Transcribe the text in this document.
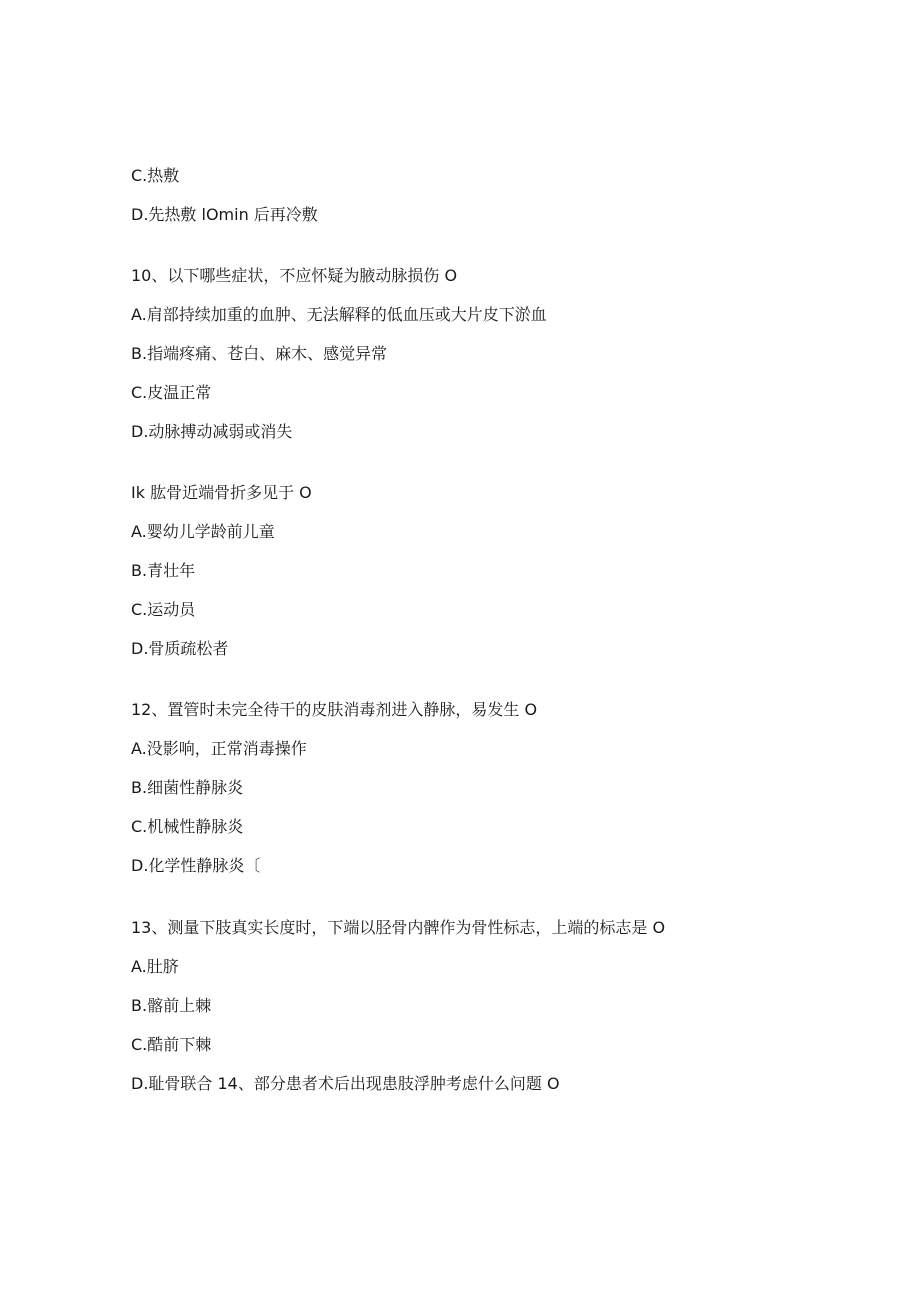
C.热敷
D.先热敷 lOmin 后再冷敷
10、以下哪些症状，不应怀疑为腋动脉损伤 O
A.肩部持续加重的血肿、无法解释的低血压或大片皮下淤血
B.指端疼痛、苍白、麻木、感觉异常
C.皮温正常
D.动脉搏动减弱或消失
Ik 肱骨近端骨折多见于 O
A.婴幼儿学龄前儿童
B.青壮年
C.运动员
D.骨质疏松者
12、置管时未完全待干的皮肤消毒剂进入静脉，易发生 O
A.没影响，正常消毒操作
B.细菌性静脉炎
C.机械性静脉炎
D.化学性静脉炎〔
13、测量下肢真实长度时，下端以胫骨内髀作为骨性标志，上端的标志是 O
A.肚脐
B.髂前上棘
C.酷前下棘
D.耻骨联合 14、部分患者术后出现患肢浮肿考虑什么问题 O
